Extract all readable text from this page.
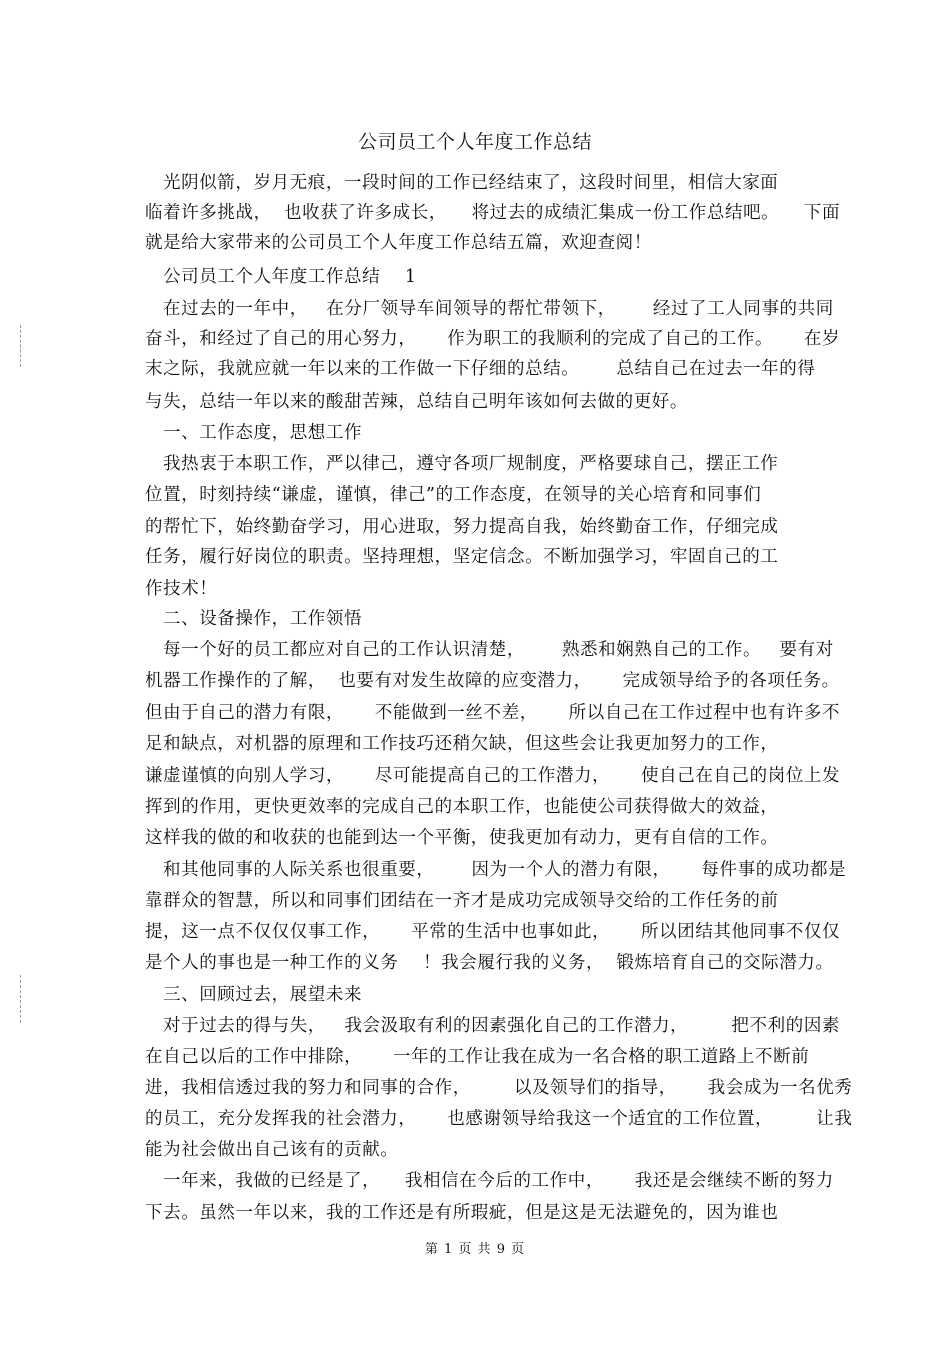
公司员工个人年度工作总结
光阴似箭，岁月无痕，一段时间的工作已经结束了，这段时间里，相信大家面
临着许多挑战，  也收获了许多成长，    将过去的成绩汇集成一份工作总结吧。    下面
就是给大家带来的公司员工个人年度工作总结五篇，欢迎查阅！
公司员工个人年度工作总结    1
在过去的一年中，   在分厂领导车间领导的帮忙带领下，      经过了工人同事的共同
奋斗，和经过了自己的用心努力，     作为职工的我顺利的完成了自己的工作。     在岁
末之际，我就应就一年以来的工作做一下仔细的总结。      总结自己在过去一年的得
与失，总结一年以来的酸甜苦辣，总结自己明年该如何去做的更好。
一、工作态度，思想工作
我热衷于本职工作，严以律己，遵守各项厂规制度，严格要球自己，摆正工作
位置，时刻持续“谦虚，谨慎，律己”的工作态度，在领导的关心培育和同事们
的帮忙下，始终勤奋学习，用心进取，努力提高自我，始终勤奋工作，仔细完成
任务，履行好岗位的职责。坚持理想，坚定信念。不断加强学习，牢固自己的工
作技术！
二、设备操作，工作领悟
每一个好的员工都应对自己的工作认识清楚，      熟悉和娴熟自己的工作。   要有对
机器工作操作的了解，  也要有对发生故障的应变潜力，     完成领导给予的各项任务。
但由于自己的潜力有限，     不能做到一丝不差，     所以自己在工作过程中也有许多不
足和缺点，对机器的原理和工作技巧还稍欠缺，但这些会让我更加努力的工作，
谦虚谨慎的向别人学习，     尽可能提高自己的工作潜力，     使自己在自己的岗位上发
挥到的作用，更快更效率的完成自己的本职工作，也能使公司获得做大的效益，
这样我的做的和收获的也能到达一个平衡，使我更加有动力，更有自信的工作。
和其他同事的人际关系也很重要，      因为一个人的潜力有限，     每件事的成功都是
靠群众的智慧，所以和同事们团结在一齐才是成功完成领导交给的工作任务的前
提，这一点不仅仅仅事工作，     平常的生活中也事如此，     所以团结其他同事不仅仅
是个人的事也是一种工作的义务    ！我会履行我的义务，  锻炼培育自己的交际潜力。
三、回顾过去，展望未来
对于过去的得与失，   我会汲取有利的因素强化自己的工作潜力，       把不利的因素
在自己以后的工作中排除，     一年的工作让我在成为一名合格的职工道路上不断前
进，我相信透过我的努力和同事的合作，       以及领导们的指导，     我会成为一名优秀
的员工，充分发挥我的社会潜力，     也感谢领导给我这一个适宜的工作位置，       让我
能为社会做出自己该有的贡献。
一年来，我做的已经是了，    我相信在今后的工作中，     我还是会继续不断的努力
下去。虽然一年以来，我的工作还是有所瑕疵，但是这是无法避免的，因为谁也
第 1 页 共 9 页
